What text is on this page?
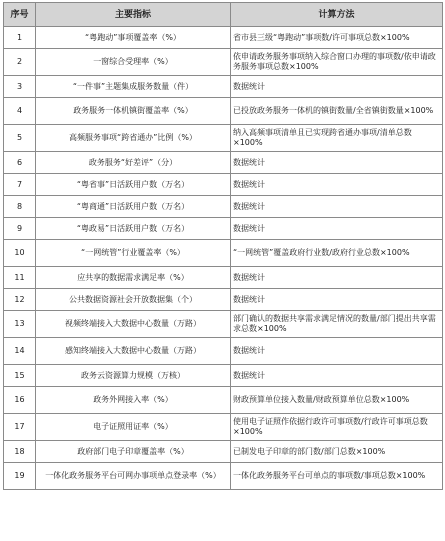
序号	主要指标	计算方法
1	“粤跑动”事项覆盖率（%）	省市县三级“粤跑动”事项数/许可事项总数×100%
2	一窗综合受理率（%）	依申请政务服务事项纳入综合窗口办理的事项数/依申请政务服务事项总数×100%
3	“一件事”主题集成服务数量（件）	数据统计
4	政务服务一体机镇街覆盖率（%）	已投放政务服务一体机的镇街数量/全省镇街数量×100%
5	高频服务事项“跨省通办”比例（%）	纳入高频事项清单且已实现跨省通办事项/清单总数×100%
6	政务服务“好差评”（分）	数据统计
7	“粤省事”日活跃用户数（万名）	数据统计
8	“粤商通”日活跃用户数（万名）	数据统计
9	“粤政易”日活跃用户数（万名）	数据统计
10	“一网统管”行业覆盖率（%）	“一网统管”覆盖政府行业数/政府行业总数×100%
11	应共享的数据需求满足率（%）	数据统计
12	公共数据资源社会开放数据集（个）	数据统计
13	视频终端接入大数据中心数量（万路）	部门确认的数据共享需求满足情况的数量/部门提出共享需求总数×100%
14	感知终端接入大数据中心数量（万路）	数据统计
15	政务云资源算力规模（万核）	数据统计
16	政务外网接入率（%）	财政预算单位接入数量/财政预算单位总数×100%
17	电子证照用证率（%）	使用电子证照作依据行政许可事项数/行政许可事项总数×100%
18	政府部门电子印章覆盖率（%）	已制发电子印章的部门数/部门总数×100%
19	一体化政务服务平台可网办事项单点登录率（%）	一体化政务服务平台可单点的事项数/事项总数×100%
